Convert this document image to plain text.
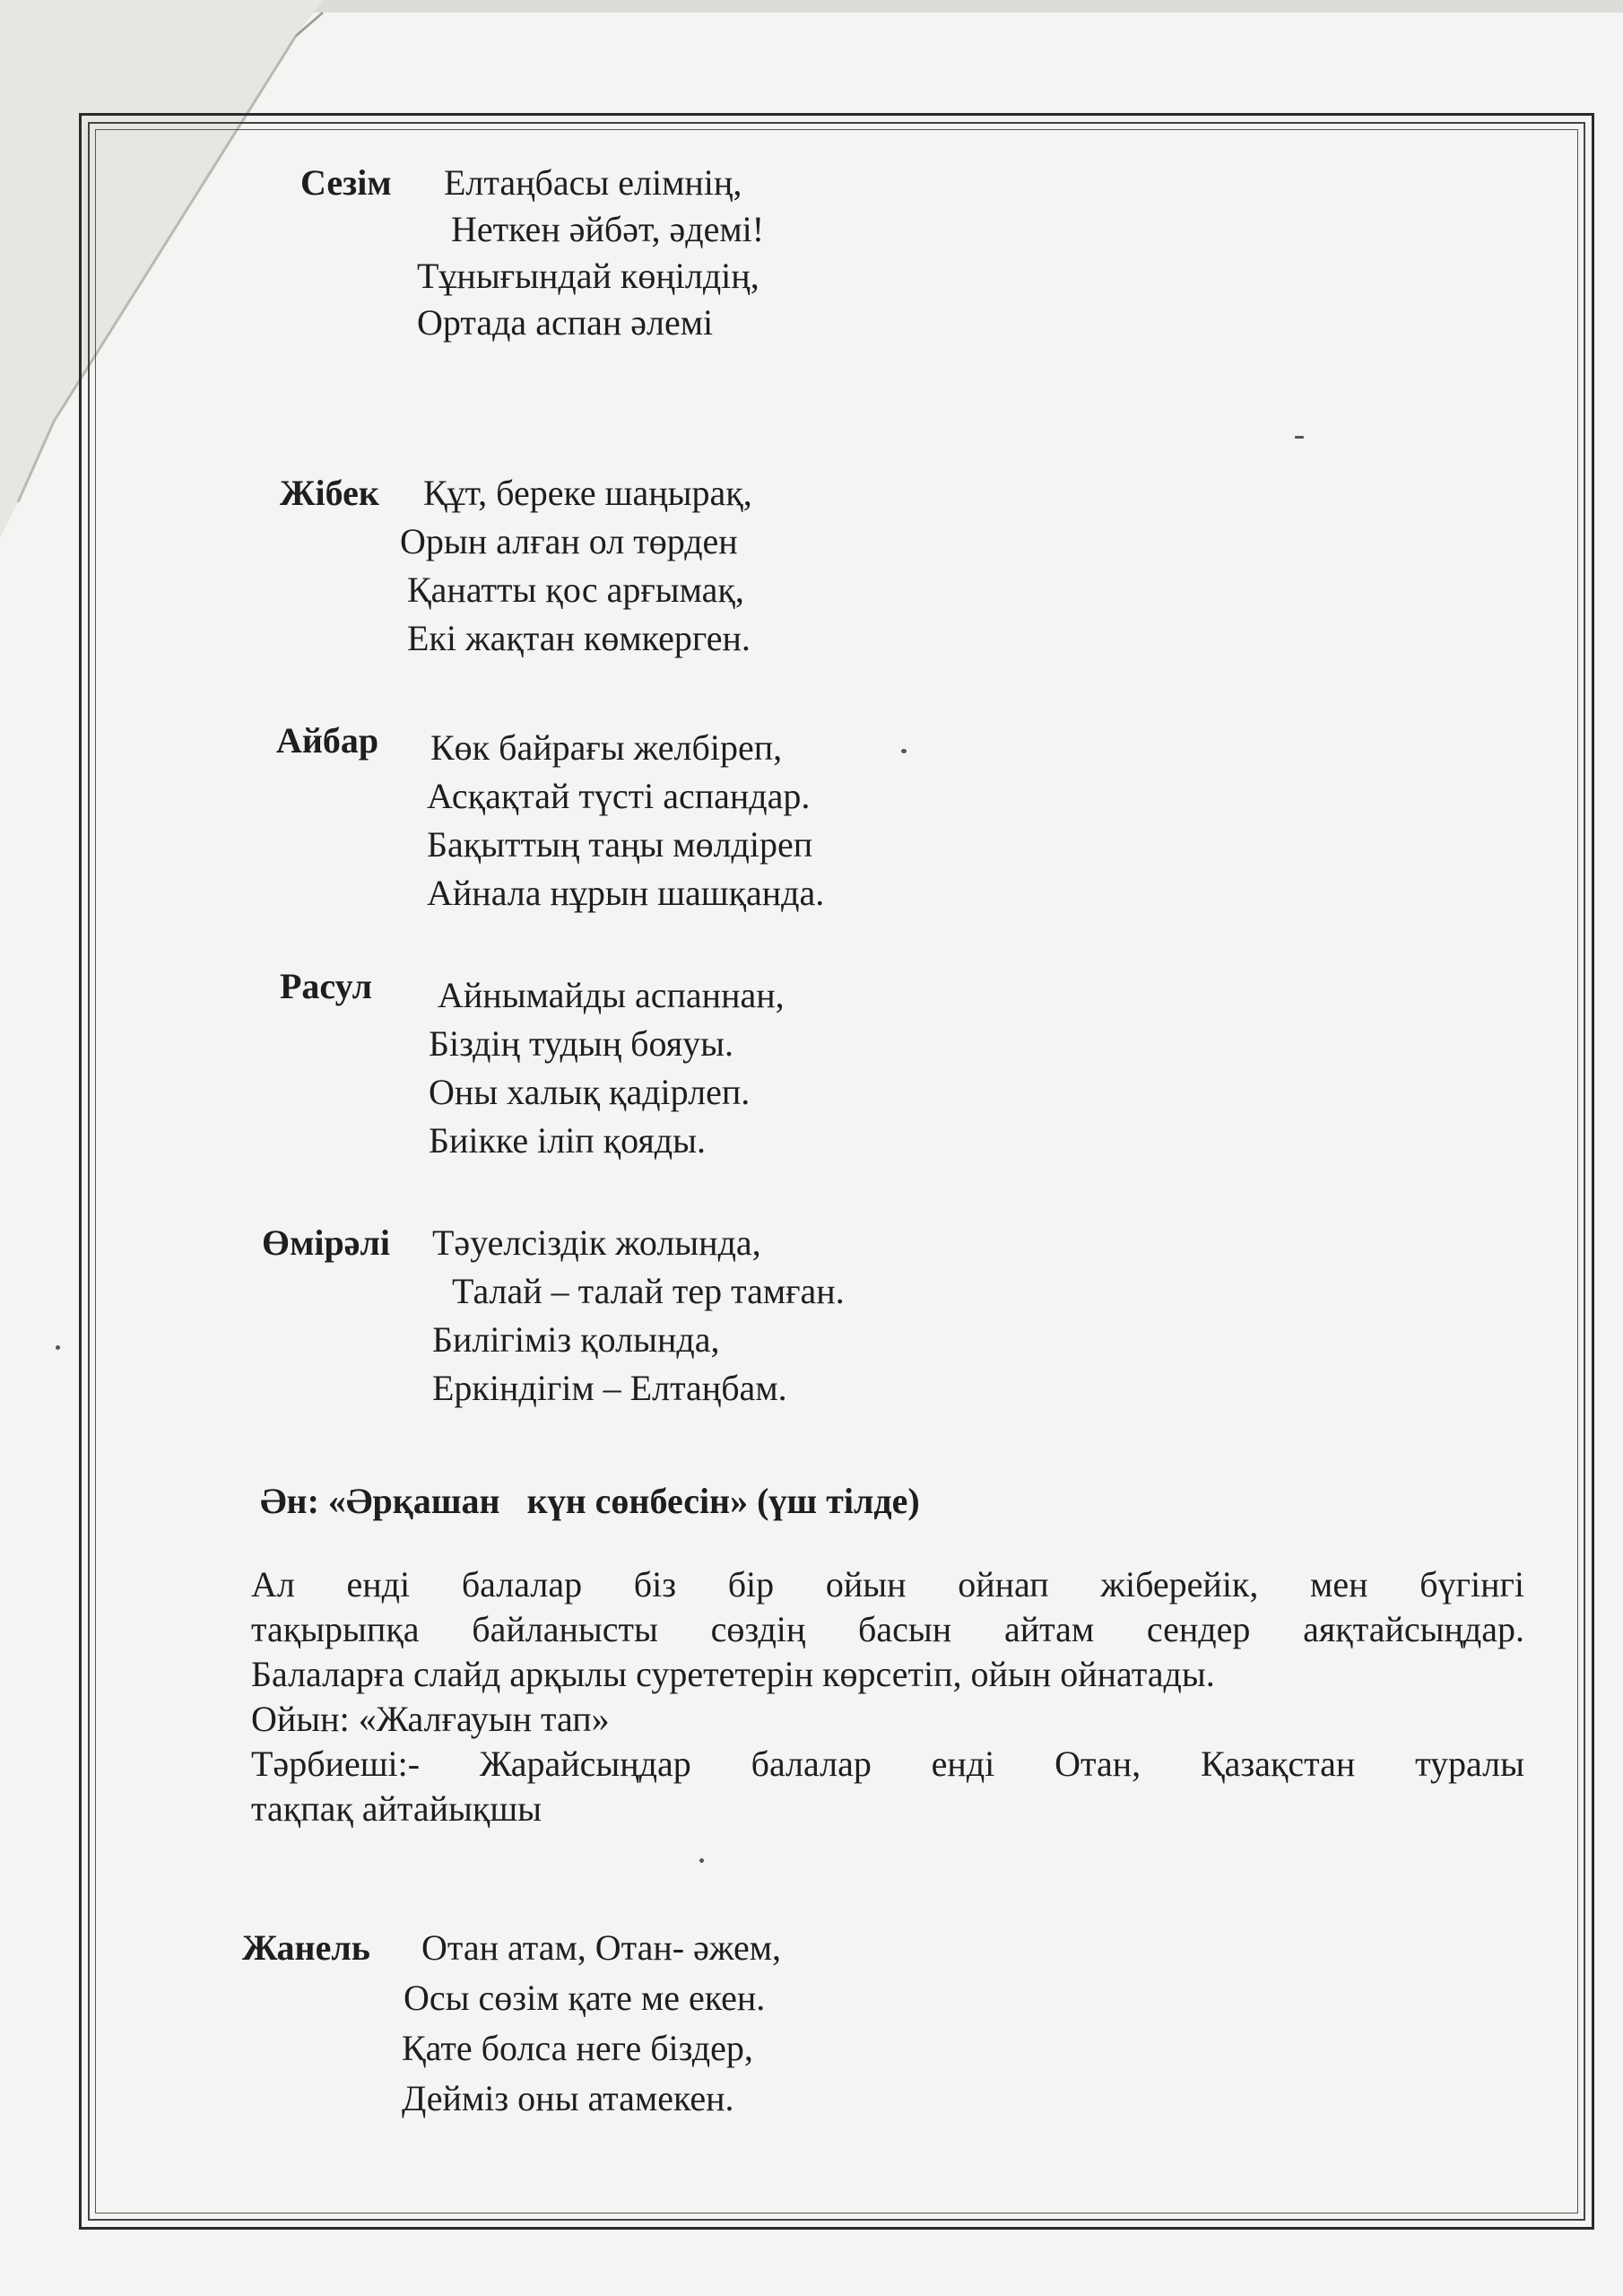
Сезім Елтаңбасы елімнің,
Неткен әйбәт, әдемі!
Тұнығындай көңілдің,
Ортада аспан әлемі
Жібек Құт, береке шаңырақ,
Орын алған ол төрден
Қанатты қос арғымақ,
Екі жақтан көмкерген.
Айбар Көк байрағы желбіреп,
Асқақтай түсті аспандар.
Бақыттың таңы мөлдіреп
Айнала нұрын шашқанда.
Расул Айнымайды аспаннан,
Біздің тудың бояуы.
Оны халық қадірлеп.
Биікке іліп қояды.
Өмірәлі Тәуелсіздік жолында,
Талай – талай тер тамған.
Билігіміз қолында,
Еркіндігім – Елтаңбам.
Ән: «Әрқашан   күн сөнбесін» (үш тілде)
Ал енді балалар біз бір ойын ойнап жіберейік, мен бүгінгі
тақырыпқа байланысты сөздің басын айтам сендер аяқтайсыңдар.
Балаларға слайд арқылы сурететерін көрсетіп, ойын ойнатады.
Ойын: «Жалғауын тап»
Тәрбиеші:- Жарайсыңдар балалар енді Отан, Қазақстан туралы
тақпақ айтайықшы
Жанель Отан атам, Отан- әжем,
Осы сөзім қате ме екен.
Қате болса неге біздер,
Дейміз оны атамекен.
